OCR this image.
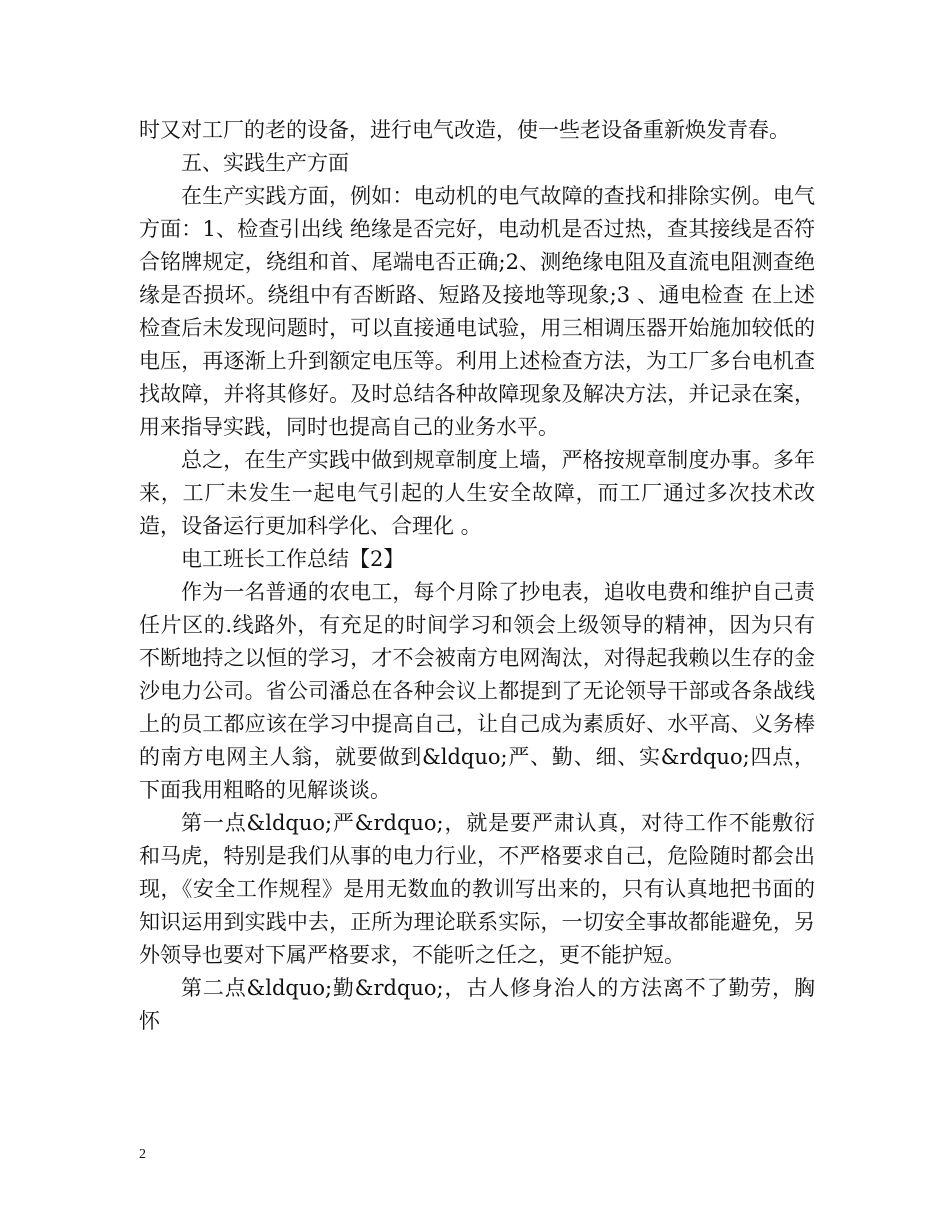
时又对工厂的老的设备，进行电气改造，使一些老设备重新焕发青春。

五、实践生产方面

在生产实践方面，例如：电动机的电气故障的查找和排除实例。电气方面：1、检查引出线 绝缘是否完好，电动机是否过热，查其接线是否符合铭牌规定，绕组和首、尾端电否正确;2、测绝缘电阻及直流电阻测查绝缘是否损坏。绕组中有否断路、短路及接地等现象;3 、通电检查 在上述检查后未发现问题时，可以直接通电试验，用三相调压器开始施加较低的电压，再逐渐上升到额定电压等。利用上述检查方法，为工厂多台电机查找故障，并将其修好。及时总结各种故障现象及解决方法，并记录在案，用来指导实践，同时也提高自己的业务水平。

总之，在生产实践中做到规章制度上墙，严格按规章制度办事。多年来，工厂未发生一起电气引起的人生安全故障，而工厂通过多次技术改造，设备运行更加科学化、合理化 。

电工班长工作总结【2】

作为一名普通的农电工，每个月除了抄电表，追收电费和维护自己责任片区的.线路外，有充足的时间学习和领会上级领导的精神，因为只有不断地持之以恒的学习，才不会被南方电网淘汰，对得起我赖以生存的金沙电力公司。省公司潘总在各种会议上都提到了无论领导干部或各条战线上的员工都应该在学习中提高自己，让自己成为素质好、水平高、义务棒的南方电网主人翁，就要做到&ldquo;严、勤、细、实&rdquo;四点，下面我用粗略的见解谈谈。

第一点&ldquo;严&rdquo;，就是要严肃认真，对待工作不能敷衍和马虎，特别是我们从事的电力行业，不严格要求自己，危险随时都会出现，《安全工作规程》是用无数血的教训写出来的，只有认真地把书面的知识运用到实践中去，正所为理论联系实际，一切安全事故都能避免，另外领导也要对下属严格要求，不能听之任之，更不能护短。

第二点&ldquo;勤&rdquo;，古人修身治人的方法离不了勤劳，胸怀

2
